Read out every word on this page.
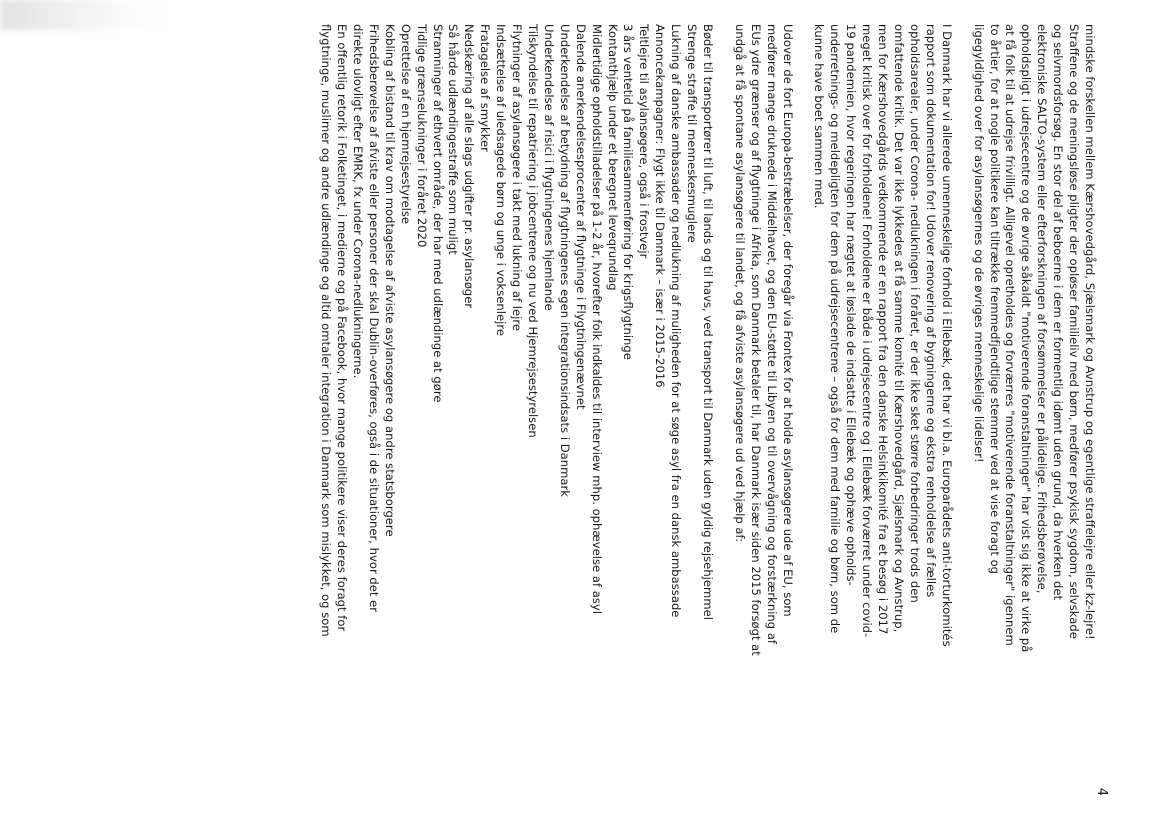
4

mindske forskellen mellem Kærshovedgård, Sjælsmark og Avnstrup og egentlige straffelejre eller kz-lejre!
Straffene og de meningsløse pligter der opløser familieliv med børn, medfører psykisk sygdom, selvskade
og selvmordsforsøg. En stor del af beboerne i dem er formentlig idømt uden grund, da hverken det
elektroniske SALTO-system eller efterforskningen af forsømmelser er pålidelige. Frihedsberøvelse,
opholdspligt i udrejsecentre og de øvrige såkaldt "motiverende foranstaltninger" har vist sig ikke at virke på
at få folk til at udrejse frivilligt. Alligevel opretholdes og forværres "motiverende foranstaltninger" igennem
to årtier, for at nogle politikere kan tiltrække fremmedfjendtlige stemmer ved at vise foragt og
ligegyldighed over for asylansøgernes og de øvriges menneskelige lidelser!

I Danmark har vi allerede umenneskelige forhold i Ellebæk, det har vi bl.a. Europarådets anti-torturkomités
rapport som dokumentation for! Udover renovering af bygningerne og ekstra renholdelse af fælles
opholdsarealer, under Corona- nedlukningen i foråret, er der ikke sket større forbedringer trods den
omfattende kritik. Det var ikke lykkedes at få samme komité til Kærshovedgård, Sjælsmark og Avnstrup,
men for Kærshovedgårds vedkommende er en rapport fra den danske Helsinkikomité fra et besøg i 2017
meget kritisk over for forholdene! Forholdene er både i udrejsecentre og i Ellebæk forværret under covid-
19 pandemien, hvor regeringen har nægtet at løslade de indsatte i Ellebæk og ophæve opholds-
underretnings- og meldepligten for dem på udrejsecentrene – også for dem med familie og børn, som de
kunne have boet sammen med.

Udover de fort Europa-bestræbelser, der foregår via Frontex for at holde asylansøgere ude af EU, som
medfører mange druknede i Middelhavet, og den EU-støtte til Libyen og til overvågning og forstærkning af
EUs ydre grænser og af flygtninge i Afrika, som Danmark betaler til, har Danmark især siden 2015 forsøgt at
undgå at få spontane asylansøgere til landet, og få afviste asylansøgere ud ved hjælp af:

Bøder til transportører til luft, til lands og til havs, ved transport til Danmark uden gyldig rejsehjemmel
Strenge straffe til menneskesmuglere
Lukning af danske ambassader og nedlukning af muligheden for at søge asyl fra en dansk ambassade
Annoncekampagner: Flygt ikke til Danmark – især i 2015-2016
Teltlejre til asylansøgere, også i frostvejr
3 års ventetid på familiesammenføring for krigsflygtninge
Kontanthjælp under et beregnet leveqrundlag
Midlertidige opholdstilladelser på 1-2 år, hvorefter folk indkaldes til interview mhp. ophævelse af asyl
Dalende anerkendelsesprocenter af flygtninge i Flygtningenævnet
Underkendelse af betydning af flygtningenes egen integrationsindsats i Danmark
Underkendelse af risici i flygtningenes hjemlande
Tilskyndelse til repatriering i jobcentrene og nu ved Hjemrejsestyrelsen
Flytninger af asylansøgere i takt med lukning af lejre
Indsættelse af uledsagede børn og unge i voksenlejre
Fratagelse af smykker
Nedskæring af alle slags udgifter pr. asylansøger
Så hårde udlændingestraffe som muligt
Stramninger af ethvert område, der har med udlændinge at gøre
Tidlige grænselukninger i foråret 2020
Oprettelse af en hjemrejsestyrelse
Kobling af bistand til krav om modtagelse af afviste asylansøgere og andre statsborgere
Frihedsberøvelse af afviste eller personer der skal Dublin-overføres, også i de situationer, hvor det er
direkte ulovligt efter EMRK, fx under Corona-nedlukningerne.
En offentlig retorik i Folketinget, i medierne og på Facebook, hvor mange politikere viser deres foragt for
flygtninge, muslimer og andre udlændinge og altid omtaler integration i Danmark som mislykket, og som
